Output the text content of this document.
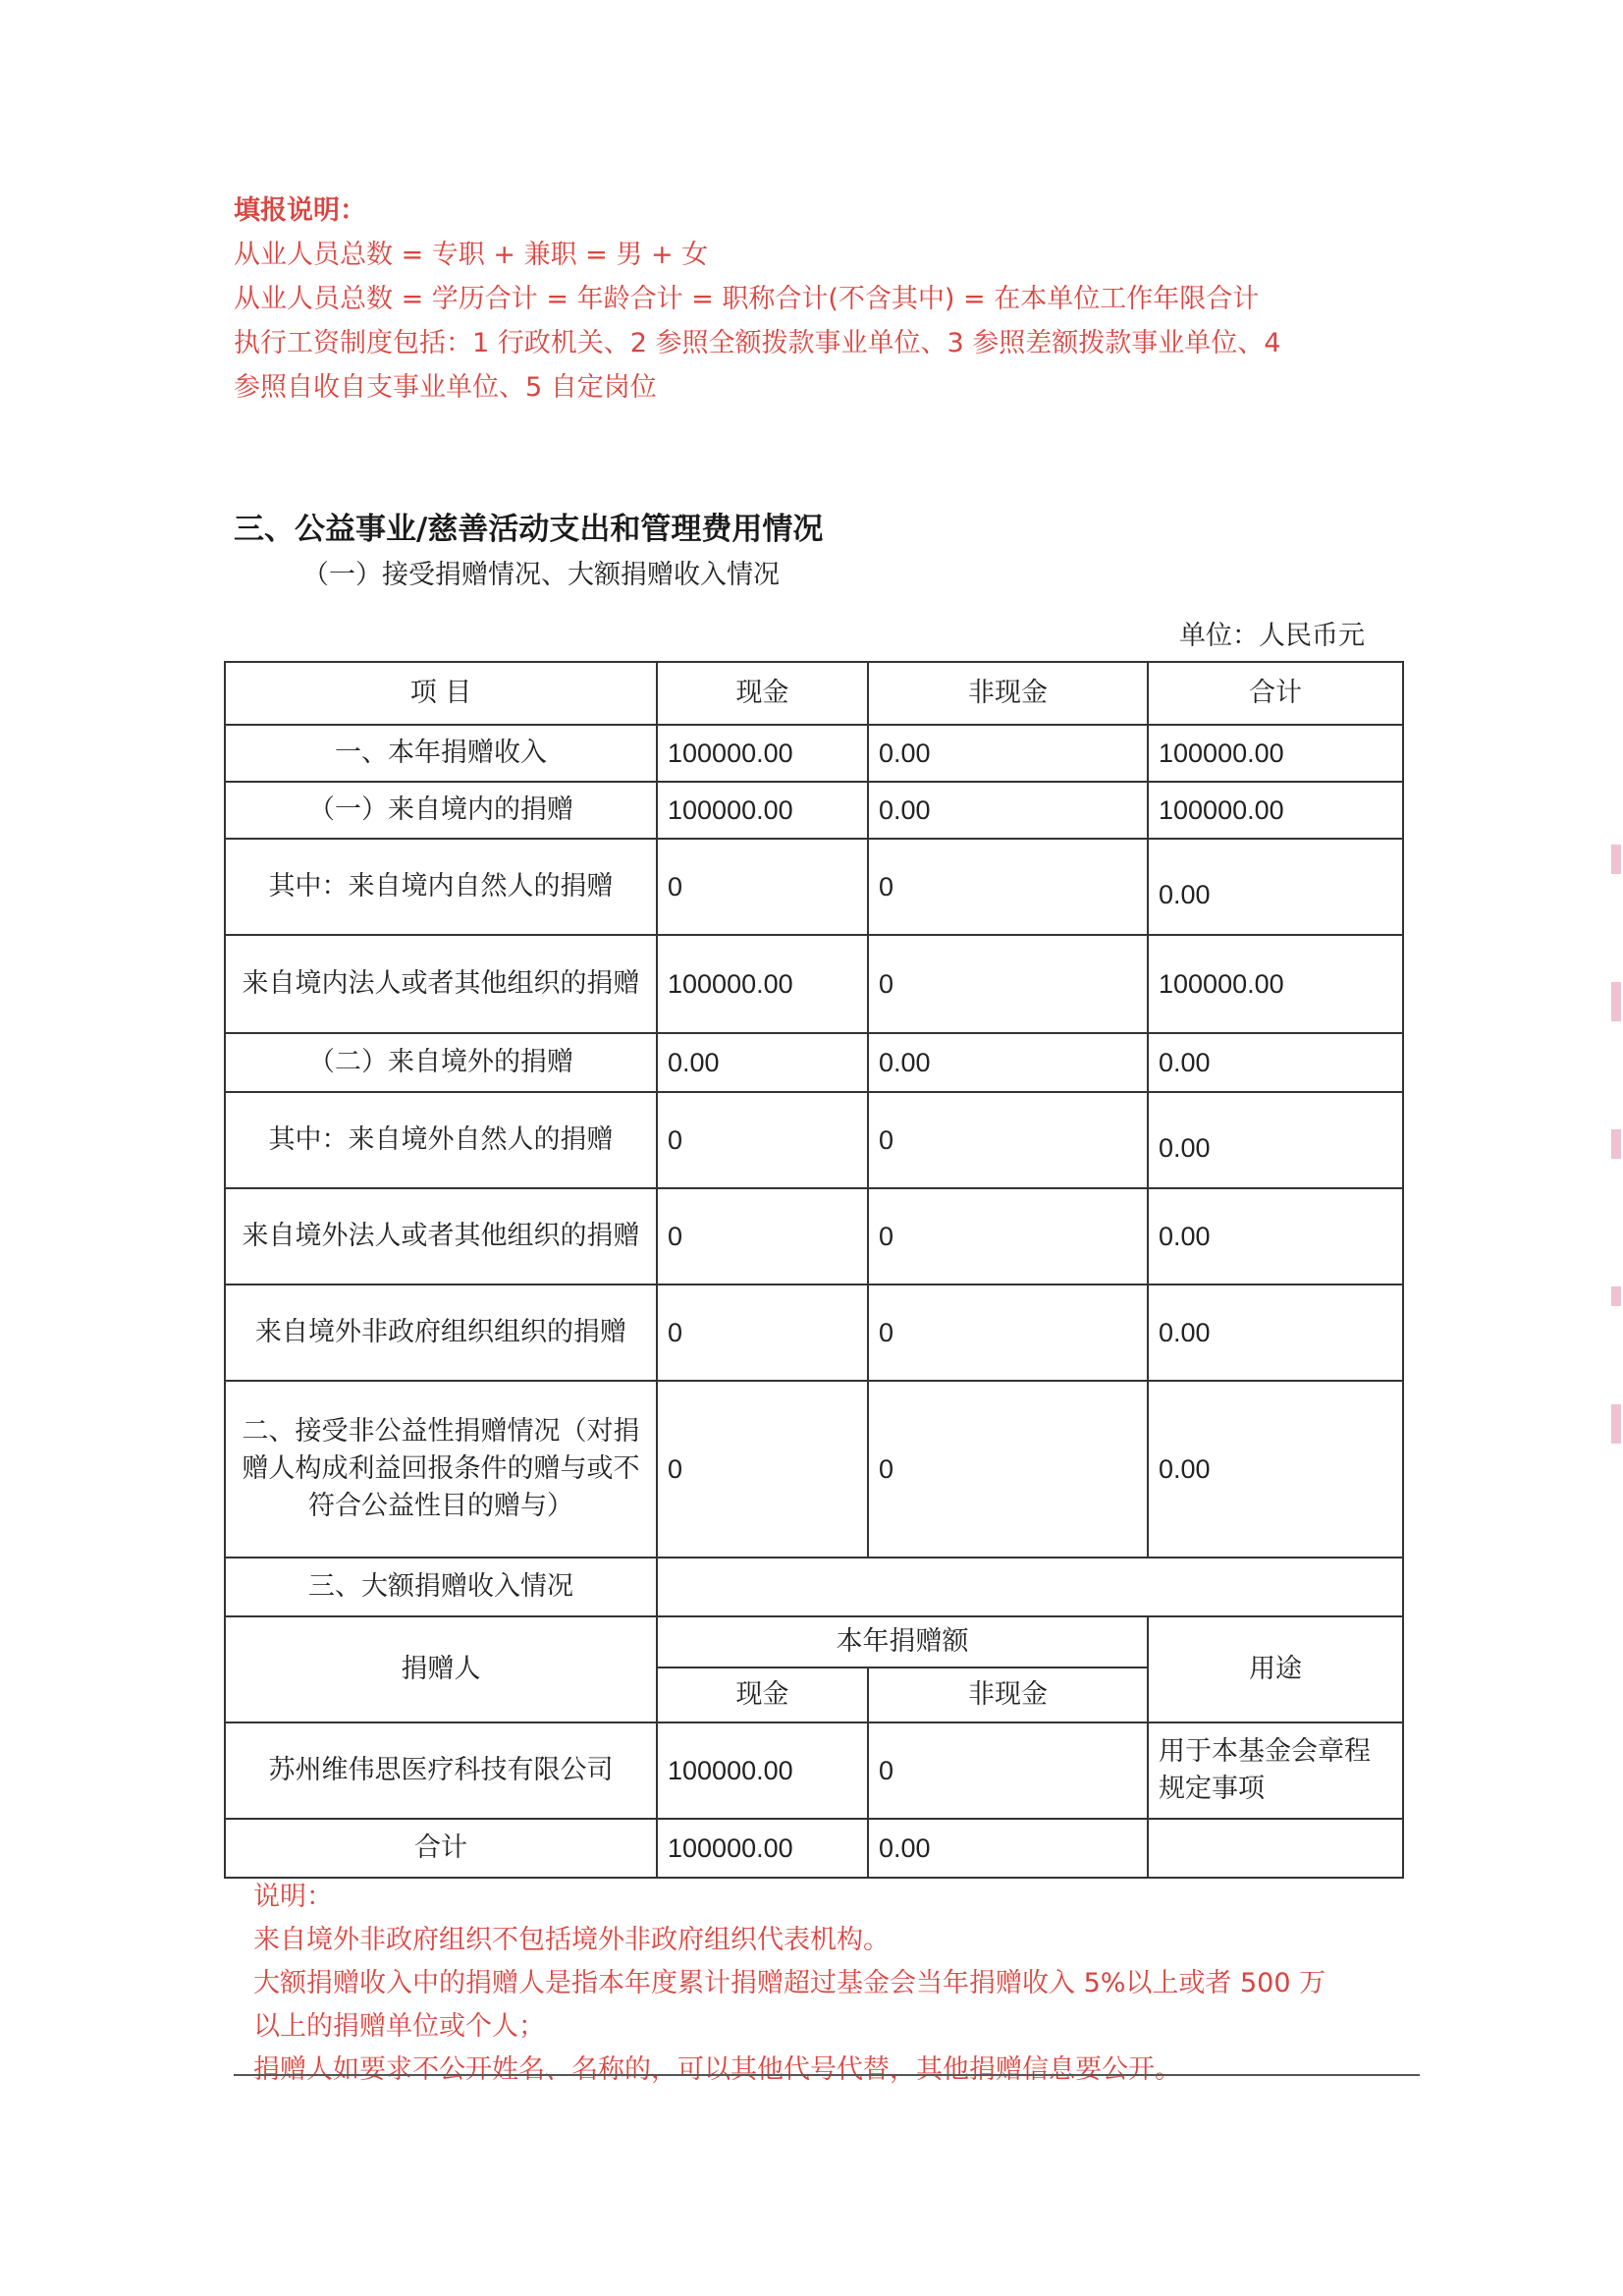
填报说明：
从业人员总数 = 专职 + 兼职 = 男 + 女
从业人员总数 = 学历合计 = 年龄合计 = 职称合计(不含其中) = 在本单位工作年限合计
执行工资制度包括：1 行政机关、2 参照全额拨款事业单位、3 参照差额拨款事业单位、4
参照自收自支事业单位、5 自定岗位
三、公益事业/慈善活动支出和管理费用情况
（一）接受捐赠情况、大额捐赠收入情况
单位：人民币元
项 目	现金	非现金	合计
一、本年捐赠收入	100000.00	0.00	100000.00
（一）来自境内的捐赠	100000.00	0.00	100000.00
其中：来自境内自然人的捐赠	0	0	0.00
来自境内法人或者其他组织的捐赠	100000.00	0	100000.00
（二）来自境外的捐赠	0.00	0.00	0.00
其中：来自境外自然人的捐赠	0	0	0.00
来自境外法人或者其他组织的捐赠	0	0	0.00
来自境外非政府组织组织的捐赠	0	0	0.00
二、接受非公益性捐赠情况（对捐赠人构成利益回报条件的赠与或不符合公益性目的赠与）	0	0	0.00
三、大额捐赠收入情况			
捐赠人	本年捐赠额		用途
	现金	非现金	
苏州维伟思医疗科技有限公司	100000.00	0	用于本基金会章程规定事项
合计	100000.00	0.00	
说明：
来自境外非政府组织不包括境外非政府组织代表机构。
大额捐赠收入中的捐赠人是指本年度累计捐赠超过基金会当年捐赠收入 5%以上或者 500 万
以上的捐赠单位或个人；
捐赠人如要求不公开姓名、名称的，可以其他代号代替，其他捐赠信息要公开。
